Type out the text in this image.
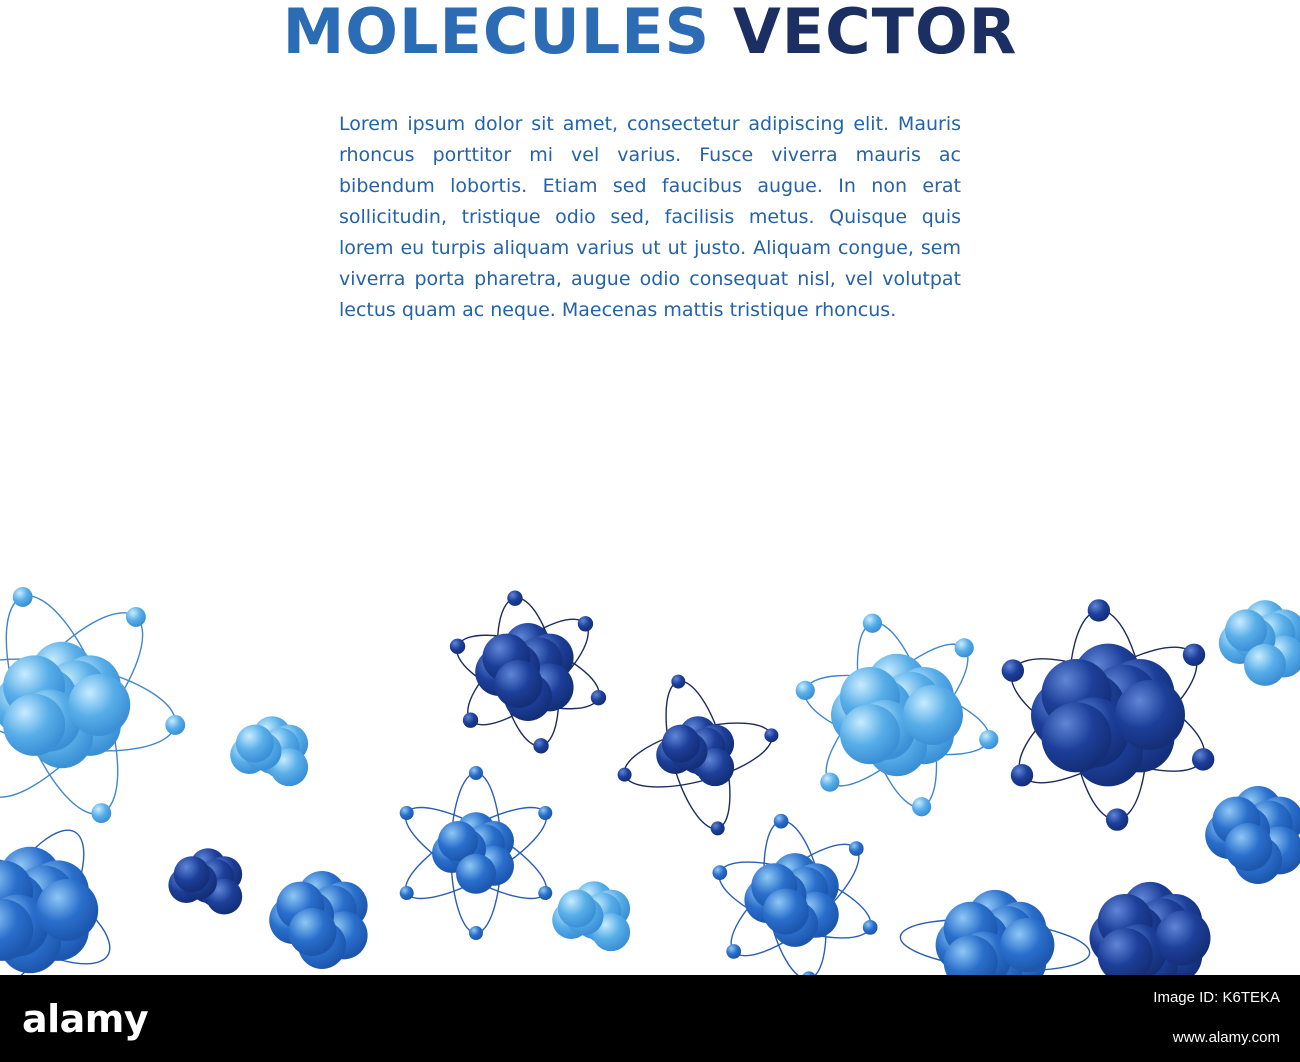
MOLECULES VECTOR

Lorem ipsum dolor sit amet, consectetur adipiscing elit. Mauris rhoncus porttitor mi vel varius. Fusce viverra mauris ac bibendum lobortis. Etiam sed faucibus augue. In non erat sollicitudin, tristique odio sed, facilisis metus. Quisque quis lorem eu turpis aliquam varius ut ut justo. Aliquam congue, sem viverra porta pharetra, augue odio consequat nisl, vel volutpat lectus quam ac neque. Maecenas mattis tristique rhoncus.

alamy	Image ID: K6TEKA
www.alamy.com
